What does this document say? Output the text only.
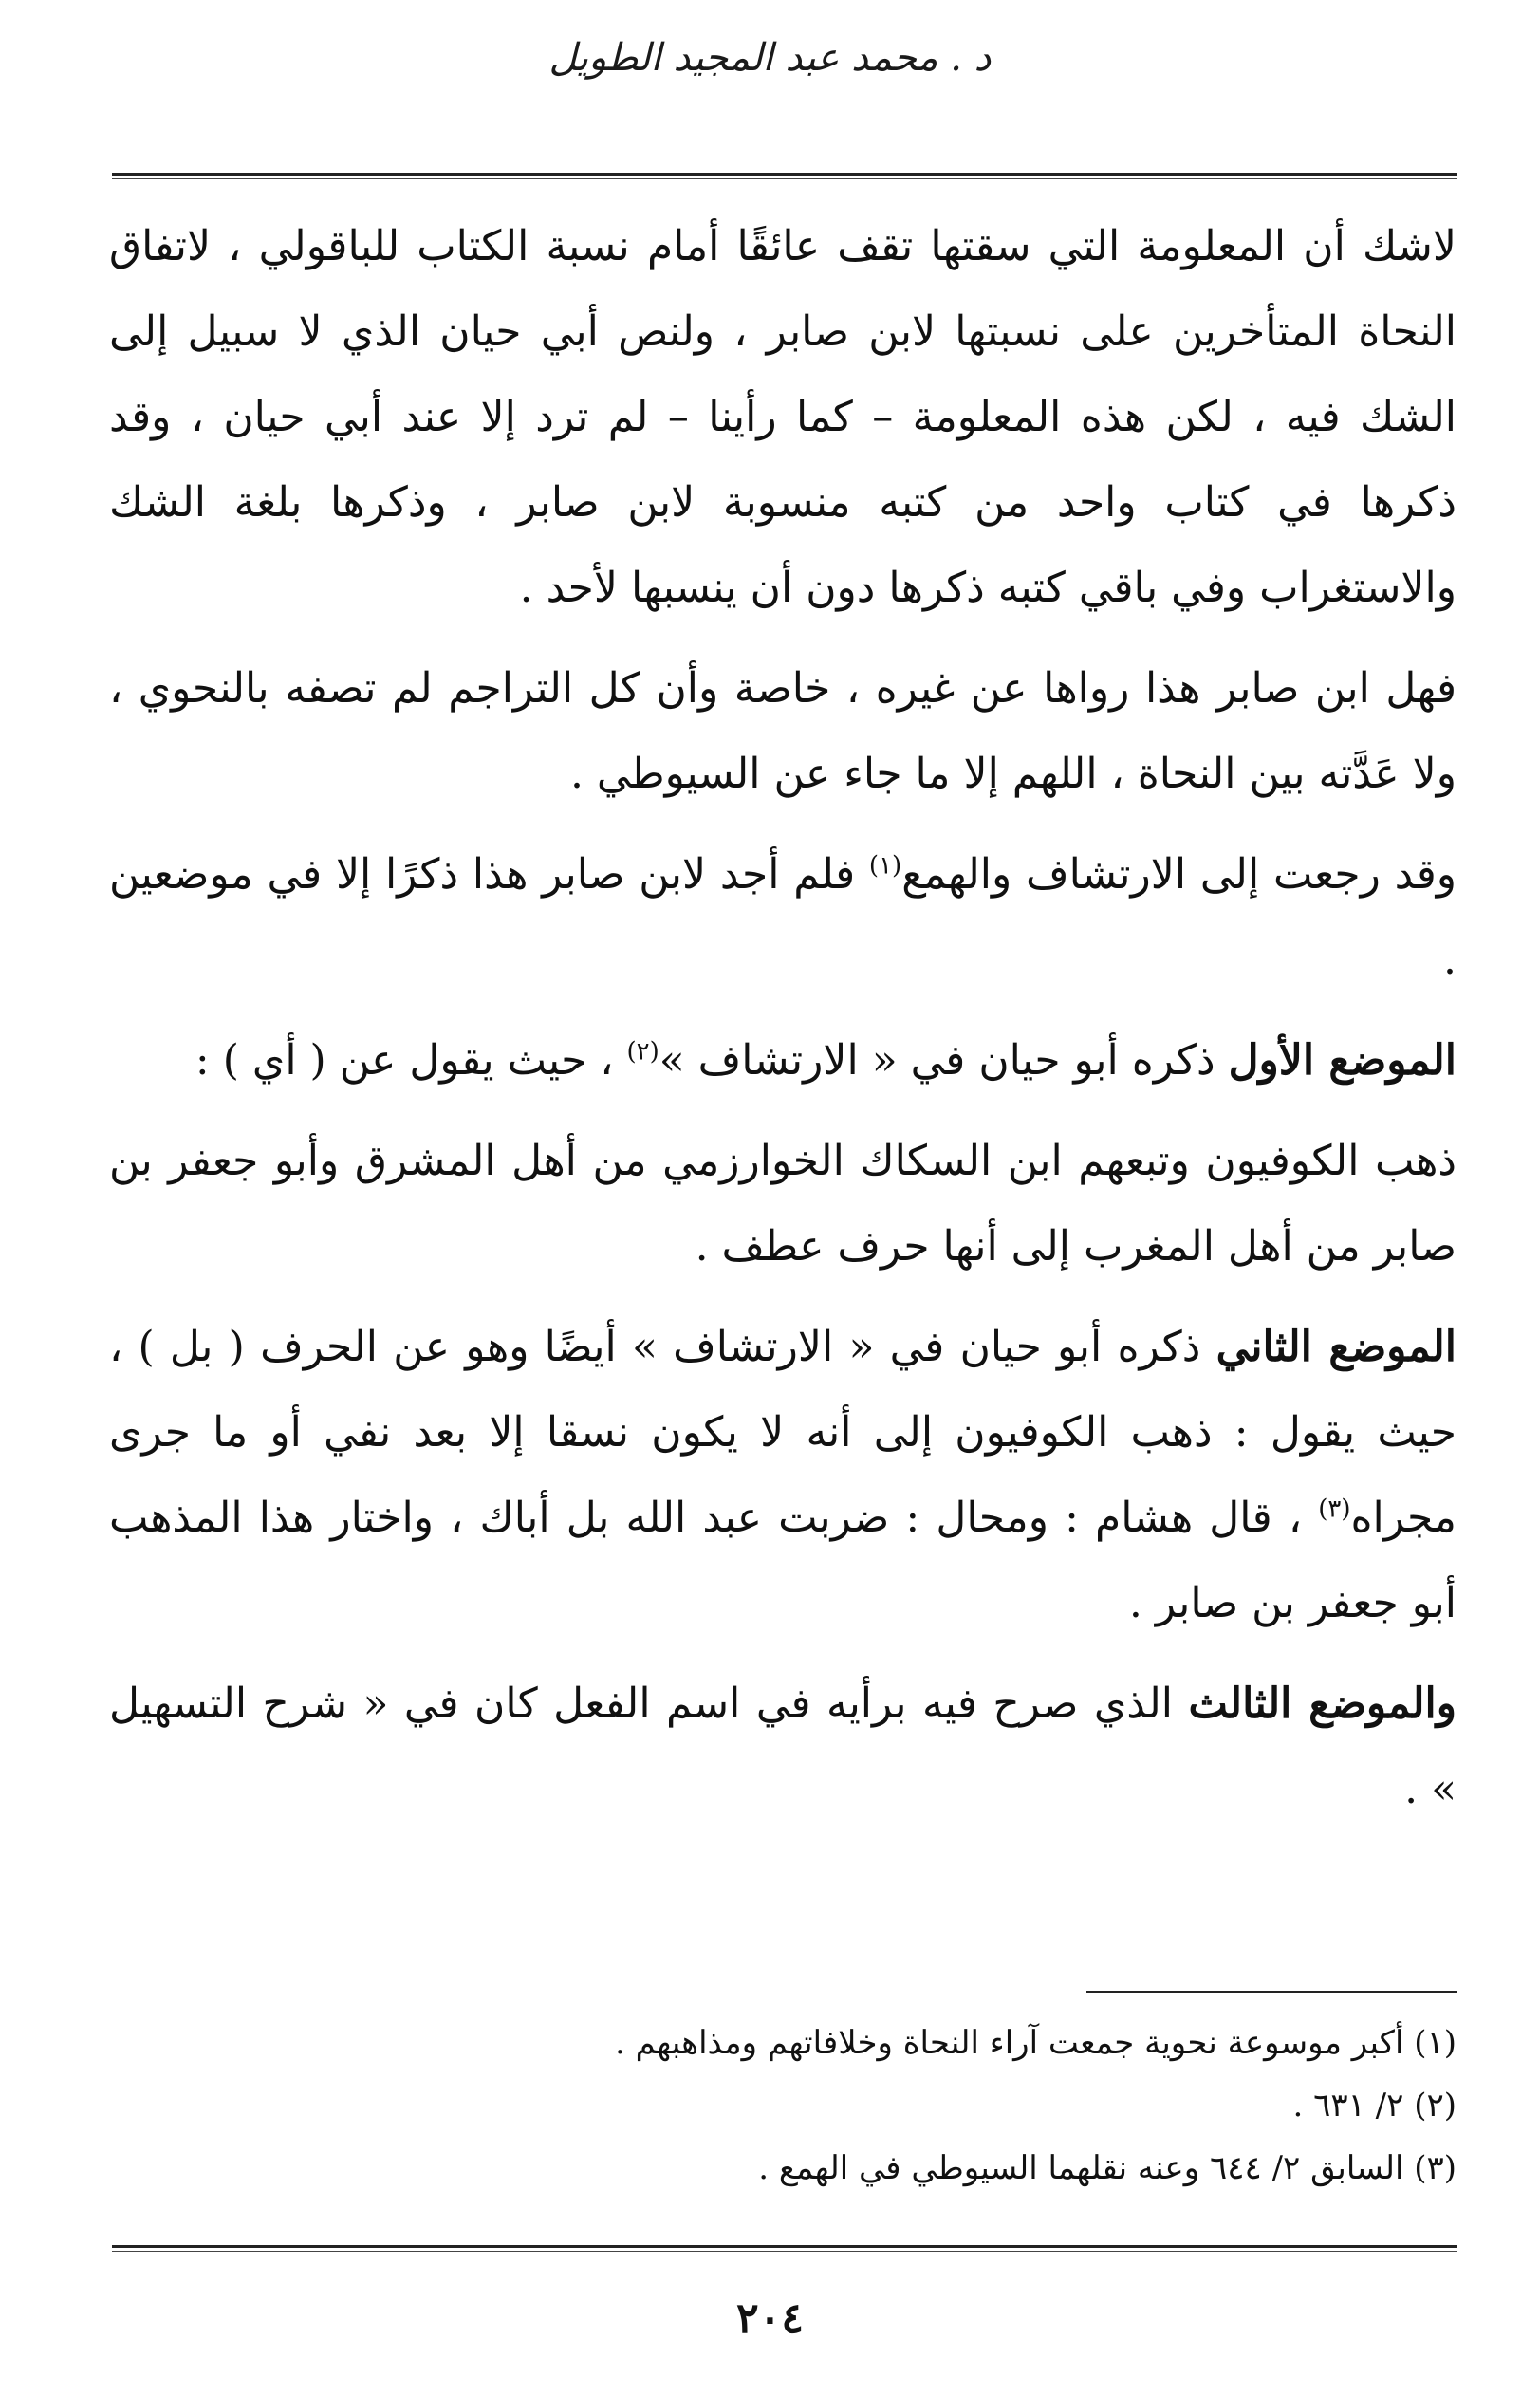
د . محمد عبد المجيد الطويل

لاشك أن المعلومة التي سقتها تقف عائقًا أمام نسبة الكتاب للباقولي ، لاتفاق النحاة المتأخرين على نسبتها لابن صابر ، ولنص أبي حيان الذي لا سبيل إلى الشك فيه ، لكن هذه المعلومة – كما رأينا – لم ترد إلا عند أبي حيان ، وقد ذكرها في كتاب واحد من كتبه منسوبة لابن صابر ، وذكرها بلغة الشك والاستغراب وفي باقي كتبه ذكرها دون أن ينسبها لأحد .

فهل ابن صابر هذا رواها عن غيره ، خاصة وأن كل التراجم لم تصفه بالنحوي ، ولا عَدَّته بين النحاة ، اللهم إلا ما جاء عن السيوطي .

وقد رجعت إلى الارتشاف والهمع$^{(١)}$ فلم أجد لابن صابر هذا ذكرًا إلا في موضعين .

الموضع الأول ذكره أبو حيان في « الارتشاف »$^{(٢)}$ ، حيث يقول عن ( أي ) :

ذهب الكوفيون وتبعهم ابن السكاك الخوارزمي من أهل المشرق وأبو جعفر بن صابر من أهل المغرب إلى أنها حرف عطف .

الموضع الثاني ذكره أبو حيان في « الارتشاف » أيضًا وهو عن الحرف ( بل ) ، حيث يقول : ذهب الكوفيون إلى أنه لا يكون نسقا إلا بعد نفي أو ما جرى مجراه$^{(٣)}$ ، قال هشام : ومحال : ضربت عبد الله بل أباك ، واختار هذا المذهب أبو جعفر بن صابر .

والموضع الثالث الذي صرح فيه برأيه في اسم الفعل كان في « شرح التسهيل » .

(١) أكبر موسوعة نحوية جمعت آراء النحاة وخلافاتهم ومذاهبهم .
(٢) ٢/ ٦٣١ .
(٣) السابق ٢/ ٦٤٤ وعنه نقلهما السيوطي في الهمع .
٢٠٤
